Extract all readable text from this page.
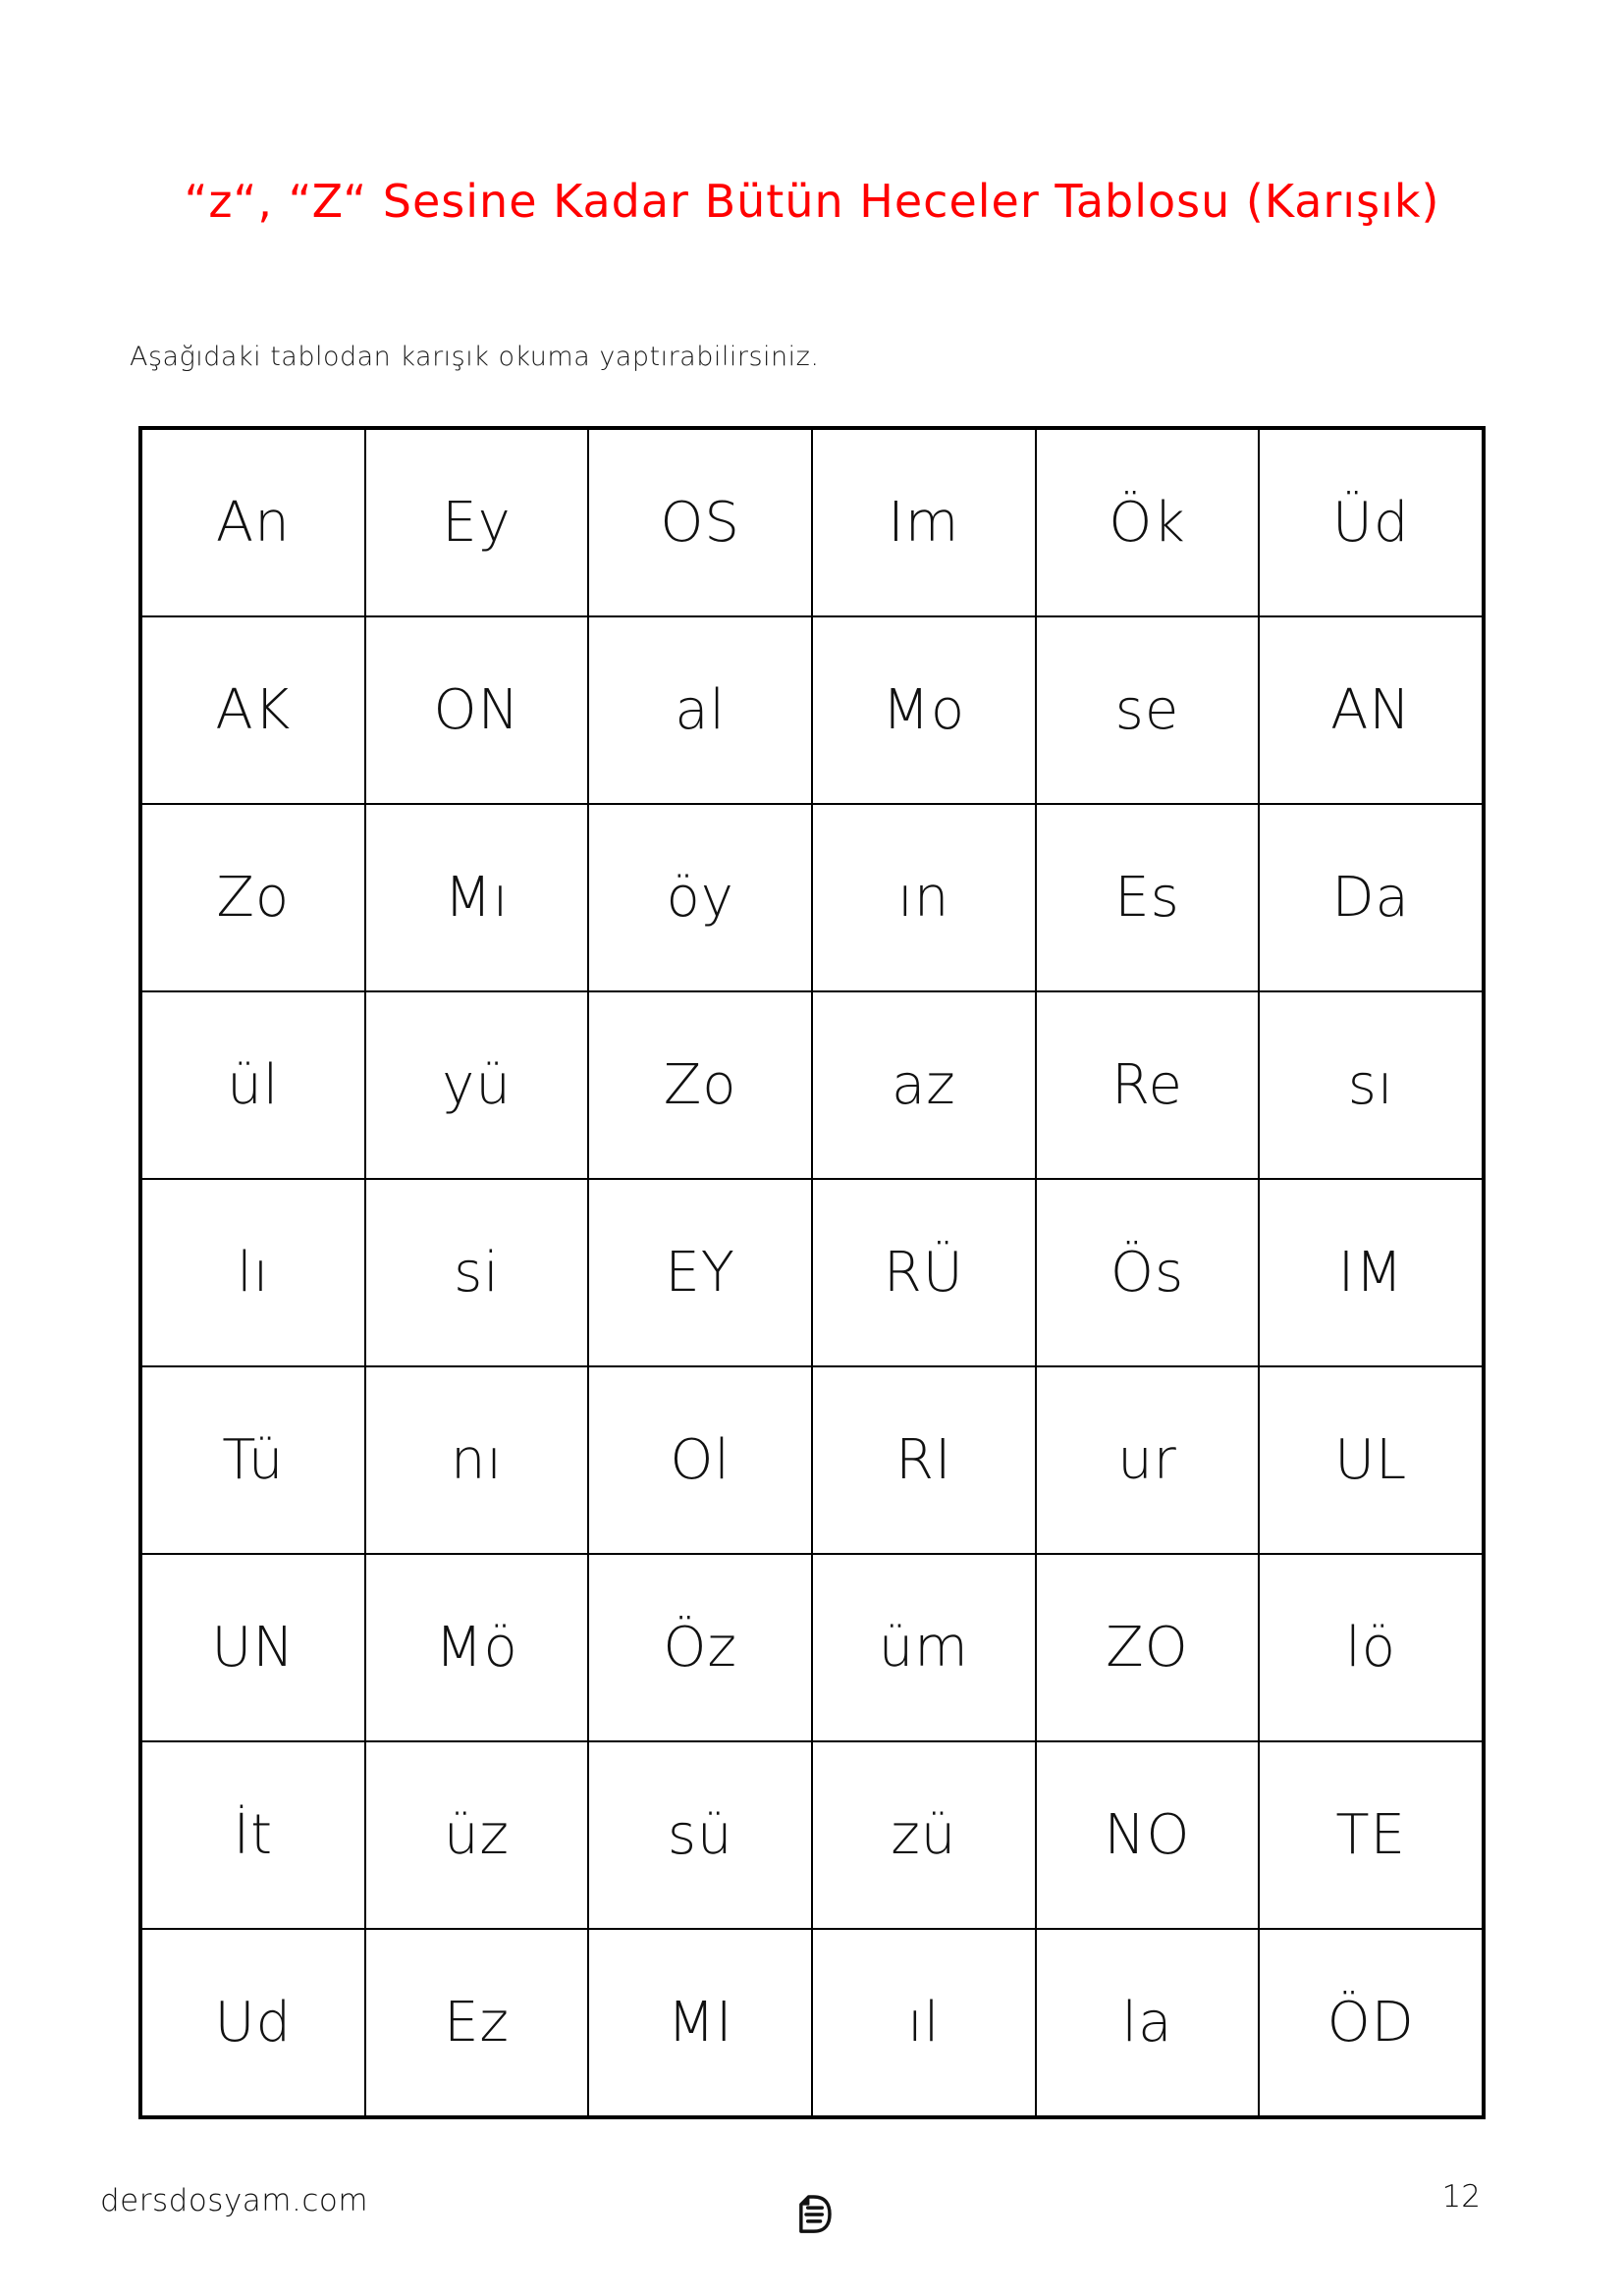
“z“, “Z“ Sesine Kadar Bütün Heceler Tablosu (Karışık)
Aşağıdaki tablodan karışık okuma yaptırabilirsiniz.
An	Ey	OS	Im	Ök	Üd
AK	ON	al	Mo	se	AN
Zo	Mı	öy	ın	Es	Da
ül	yü	Zo	az	Re	sı
lı	si	EY	RÜ	Ös	IM
Tü	nı	Ol	RI	ur	UL
UN	Mö	Öz	üm	ZO	lö
İt	üz	sü	zü	NO	TE
Ud	Ez	MI	ıl	la	ÖD
dersdosyam.com	12
